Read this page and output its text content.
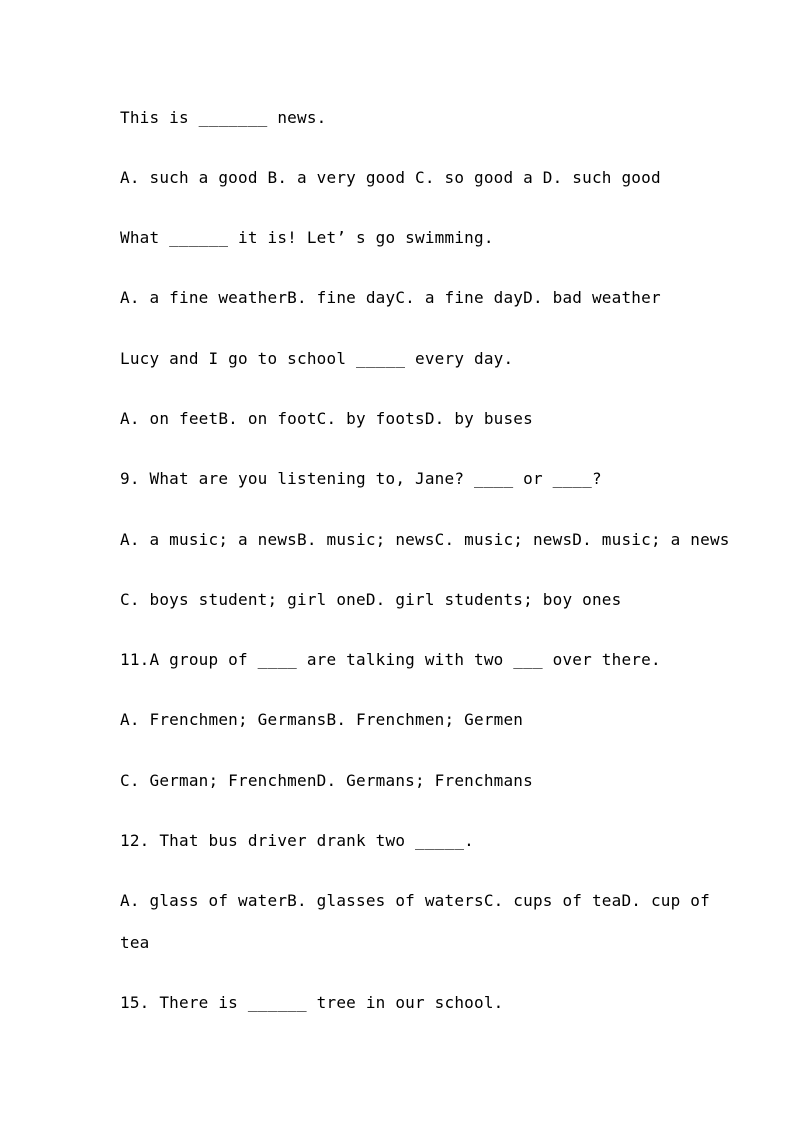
This is _______ news.
A. such a good B. a very good C. so good a D. such good
What ______ it is! Let’ s go swimming.
A. a fine weatherB. fine dayC. a fine dayD. bad weather
Lucy and I go to school _____ every day.
A. on feetB. on footC. by footsD. by buses
9. What are you listening to, Jane? ____ or ____?
A. a music; a newsB. music; newsC. music; newsD. music; a news
C. boys student; girl oneD. girl students; boy ones
11.A group of ____ are talking with two ___ over there.
A. Frenchmen; GermansB. Frenchmen; Germen
C. German; FrenchmenD. Germans; Frenchmans
12. That bus driver drank two _____.
A. glass of waterB. glasses of watersC. cups of teaD. cup of
tea
15. There is ______ tree in our school.
